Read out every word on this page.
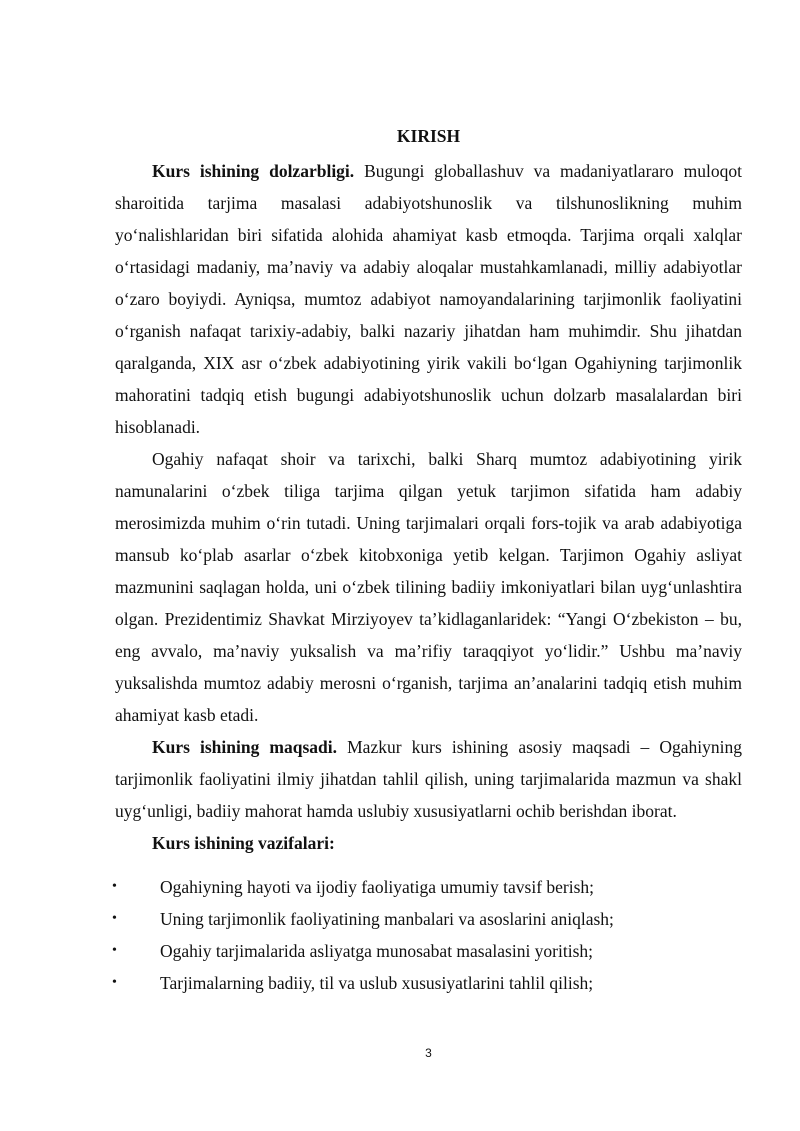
KIRISH

Kurs ishining dolzarbligi. Bugungi globallashuv va madaniyatlararo muloqot sharoitida tarjima masalasi adabiyotshunoslik va tilshunoslikning muhim yo‘nalishlaridan biri sifatida alohida ahamiyat kasb etmoqda. Tarjima orqali xalqlar o‘rtasidagi madaniy, ma’naviy va adabiy aloqalar mustahkamlanadi, milliy adabiyotlar o‘zaro boyiydi. Ayniqsa, mumtoz adabiyot namoyandalarining tarjimonlik faoliyatini o‘rganish nafaqat tarixiy-adabiy, balki nazariy jihatdan ham muhimdir. Shu jihatdan qaralganda, XIX asr o‘zbek adabiyotining yirik vakili bo‘lgan Ogahiyning tarjimonlik mahoratini tadqiq etish bugungi adabiyotshunoslik uchun dolzarb masalalardan biri hisoblanadi.

Ogahiy nafaqat shoir va tarixchi, balki Sharq mumtoz adabiyotining yirik namunalarini o‘zbek tiliga tarjima qilgan yetuk tarjimon sifatida ham adabiy merosimizda muhim o‘rin tutadi. Uning tarjimalari orqali fors-tojik va arab adabiyotiga mansub ko‘plab asarlar o‘zbek kitobxoniga yetib kelgan. Tarjimon Ogahiy asliyat mazmunini saqlagan holda, uni o‘zbek tilining badiiy imkoniyatlari bilan uyg‘unlashtira olgan. Prezidentimiz Shavkat Mirziyoyev ta’kidlaganlaridek: “Yangi O‘zbekiston – bu, eng avvalo, ma’naviy yuksalish va ma’rifiy taraqqiyot yo‘lidir.” Ushbu ma’naviy yuksalishda mumtoz adabiy merosni o‘rganish, tarjima an’analarini tadqiq etish muhim ahamiyat kasb etadi.

Kurs ishining maqsadi. Mazkur kurs ishining asosiy maqsadi – Ogahiyning tarjimonlik faoliyatini ilmiy jihatdan tahlil qilish, uning tarjimalarida mazmun va shakl uyg‘unligi, badiiy mahorat hamda uslubiy xususiyatlarni ochib berishdan iborat.

Kurs ishining vazifalari:

• Ogahiyning hayoti va ijodiy faoliyatiga umumiy tavsif berish;
• Uning tarjimonlik faoliyatining manbalari va asoslarini aniqlash;
• Ogahiy tarjimalarida asliyatga munosabat masalasini yoritish;
• Tarjimalarning badiiy, til va uslub xususiyatlarini tahlil qilish;
3
